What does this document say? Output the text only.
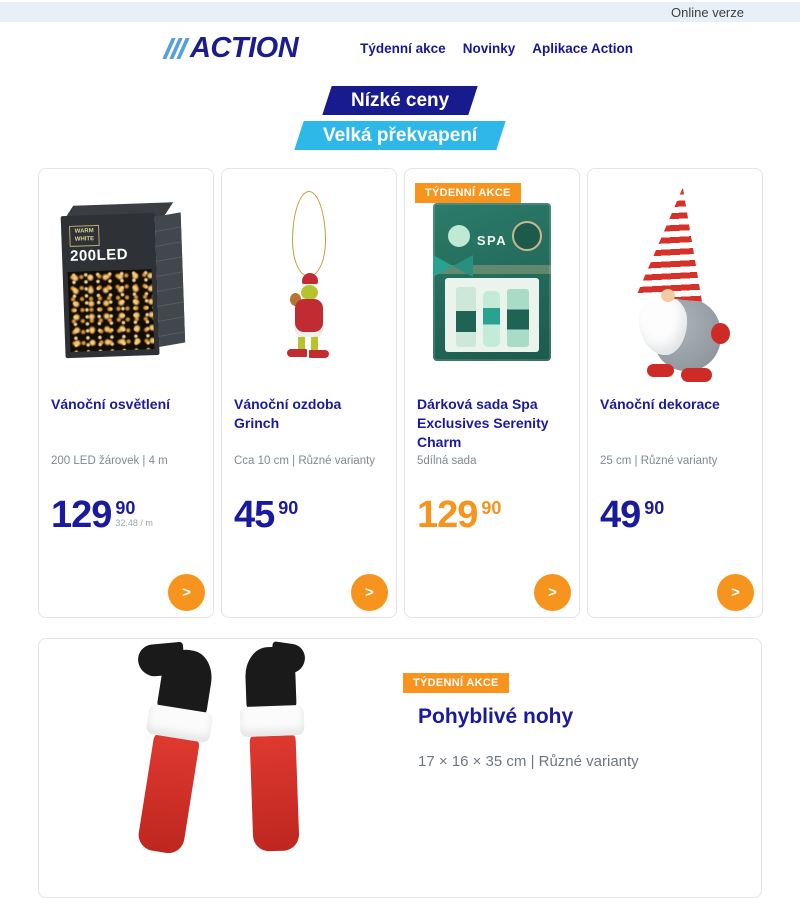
Online verze
ACTION	Týdenní akce Novinky Aplikace Action
Nízké ceny
Velká překvapení
WARM WHITE
200LED
Vánoční osvětlení

200 LED žárovek | 4 m

129 90
32.48 / m
>
Vánoční ozdoba Grinch

Cca 10 cm | Různé varianty

45 90
>
TÝDENNÍ AKCE
SPA
Dárková sada Spa Exclusives Serenity Charm

5dílná sada

129 90
>
Vánoční dekorace

25 cm | Různé varianty

49 90
>
TÝDENNÍ AKCE
Pohyblivé nohy

17 × 16 × 35 cm | Různé varianty
